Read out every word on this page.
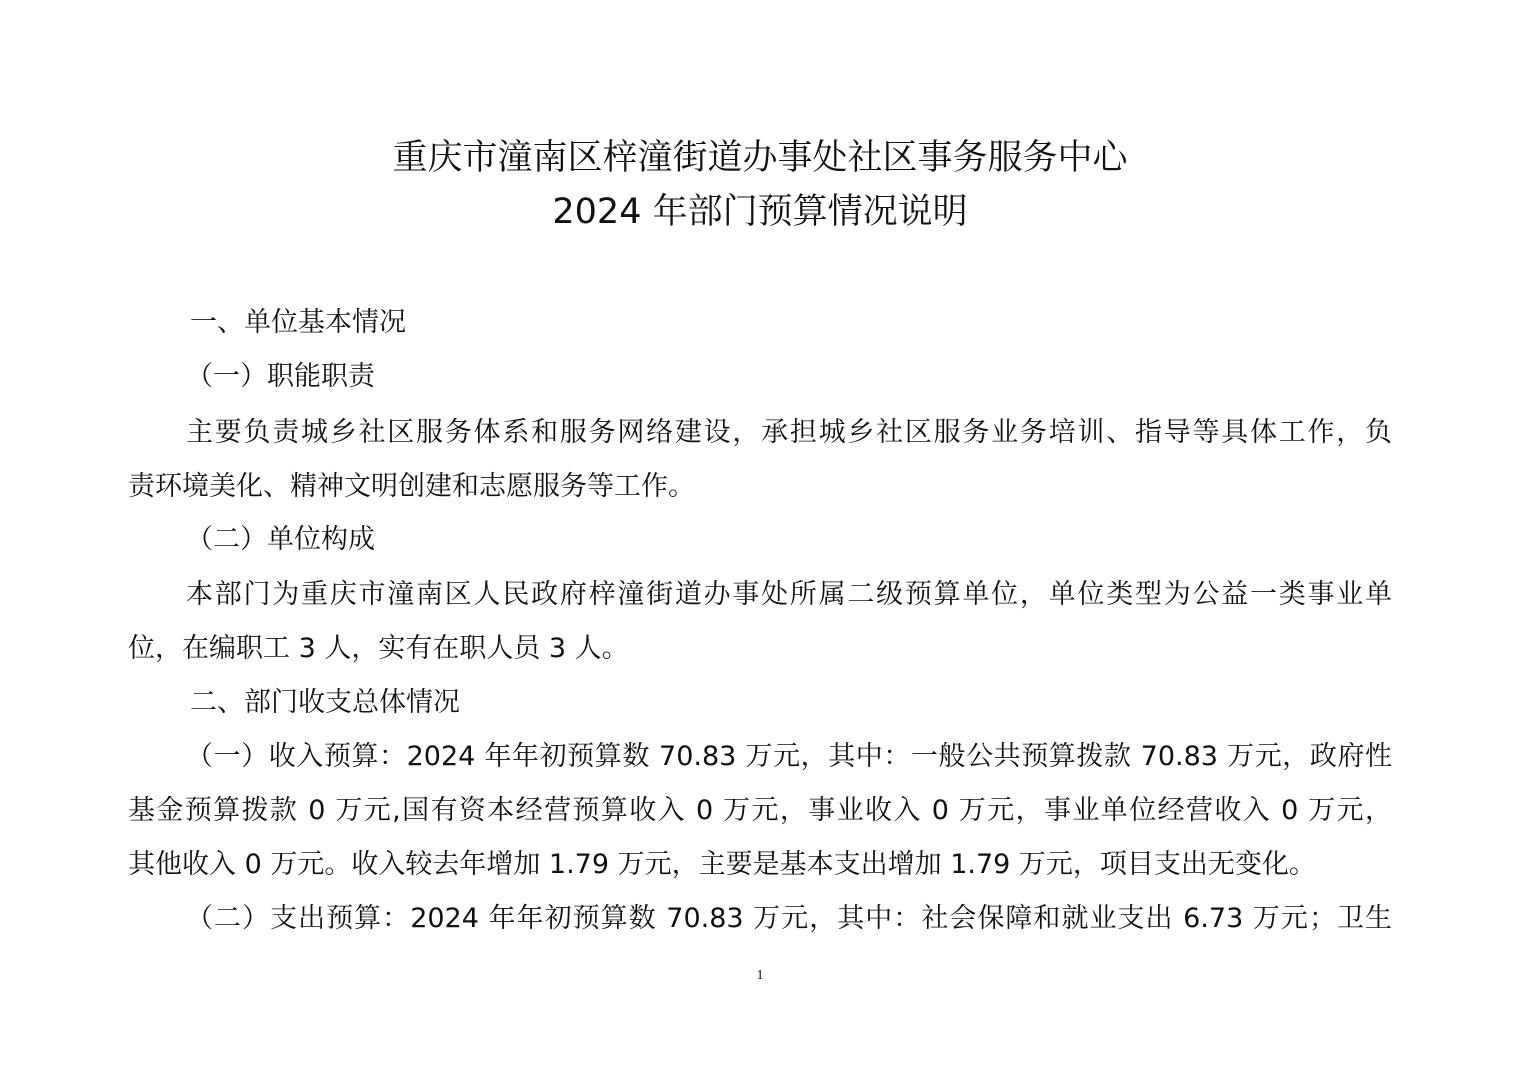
重庆市潼南区梓潼街道办事处社区事务服务中心
2024 年部门预算情况说明
一、单位基本情况
（一）职能职责
主要负责城乡社区服务体系和服务网络建设，承担城乡社区服务业务培训、指导等具体工作，负
责环境美化、精神文明创建和志愿服务等工作。
（二）单位构成
本部门为重庆市潼南区人民政府梓潼街道办事处所属二级预算单位，单位类型为公益一类事业单
位，在编职工 3 人，实有在职人员 3 人。
二、部门收支总体情况
（一）收入预算：2024 年年初预算数 70.83 万元，其中：一般公共预算拨款 70.83 万元，政府性
基金预算拨款 0 万元,国有资本经营预算收入 0 万元，事业收入 0 万元，事业单位经营收入 0 万元，
其他收入 0 万元。收入较去年增加 1.79 万元，主要是基本支出增加 1.79 万元，项目支出无变化。
（二）支出预算：2024 年年初预算数 70.83 万元，其中：社会保障和就业支出 6.73 万元；卫生
1
